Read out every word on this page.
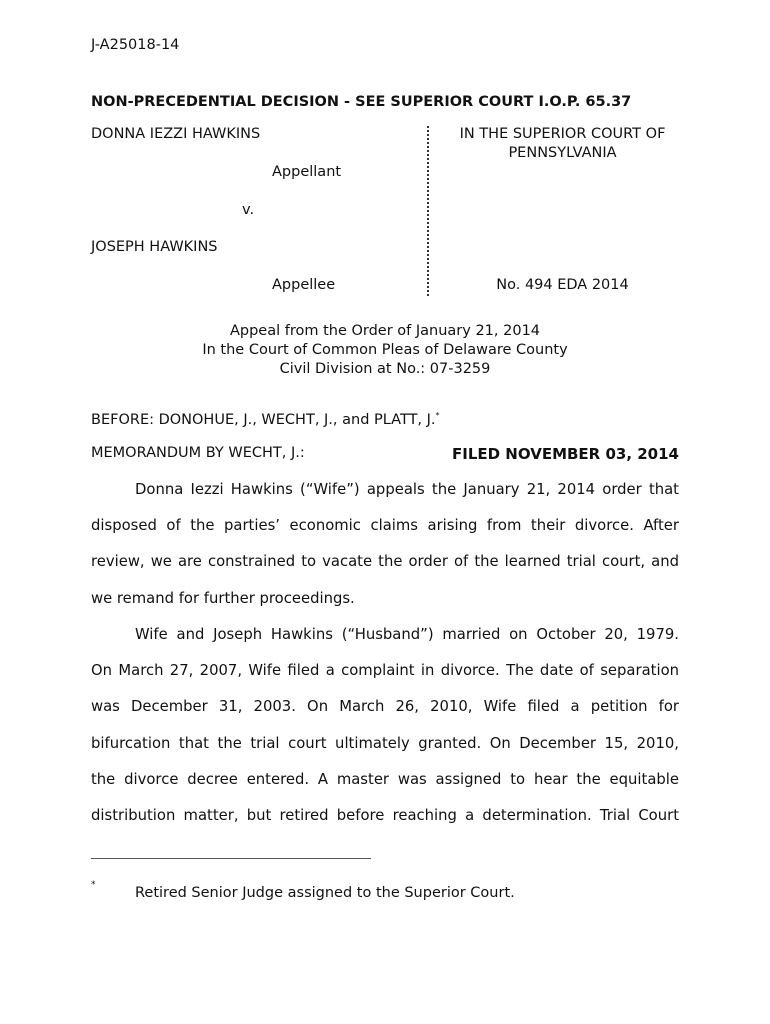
J-A25018-14
NON-PRECEDENTIAL DECISION - SEE SUPERIOR COURT I.O.P. 65.37
DONNA IEZZI HAWKINS
Appellant
v.
JOSEPH HAWKINS
Appellee
IN THE SUPERIOR COURT OF
PENNSYLVANIA
No. 494 EDA 2014
Appeal from the Order of January 21, 2014
In the Court of Common Pleas of Delaware County
Civil Division at No.: 07-3259
BEFORE: DONOHUE, J., WECHT, J., and PLATT, J.*
MEMORANDUM BY WECHT, J.:	FILED NOVEMBER 03, 2014
Donna Iezzi Hawkins (“Wife”) appeals the January 21, 2014 order that
disposed of the parties’ economic claims arising from their divorce. After
review, we are constrained to vacate the order of the learned trial court, and
we remand for further proceedings.
Wife and Joseph Hawkins (“Husband”) married on October 20, 1979.
On March 27, 2007, Wife filed a complaint in divorce. The date of separation
was December 31, 2003. On March 26, 2010, Wife filed a petition for
bifurcation that the trial court ultimately granted. On December 15, 2010,
the divorce decree entered. A master was assigned to hear the equitable
distribution matter, but retired before reaching a determination. Trial Court
*	Retired Senior Judge assigned to the Superior Court.
